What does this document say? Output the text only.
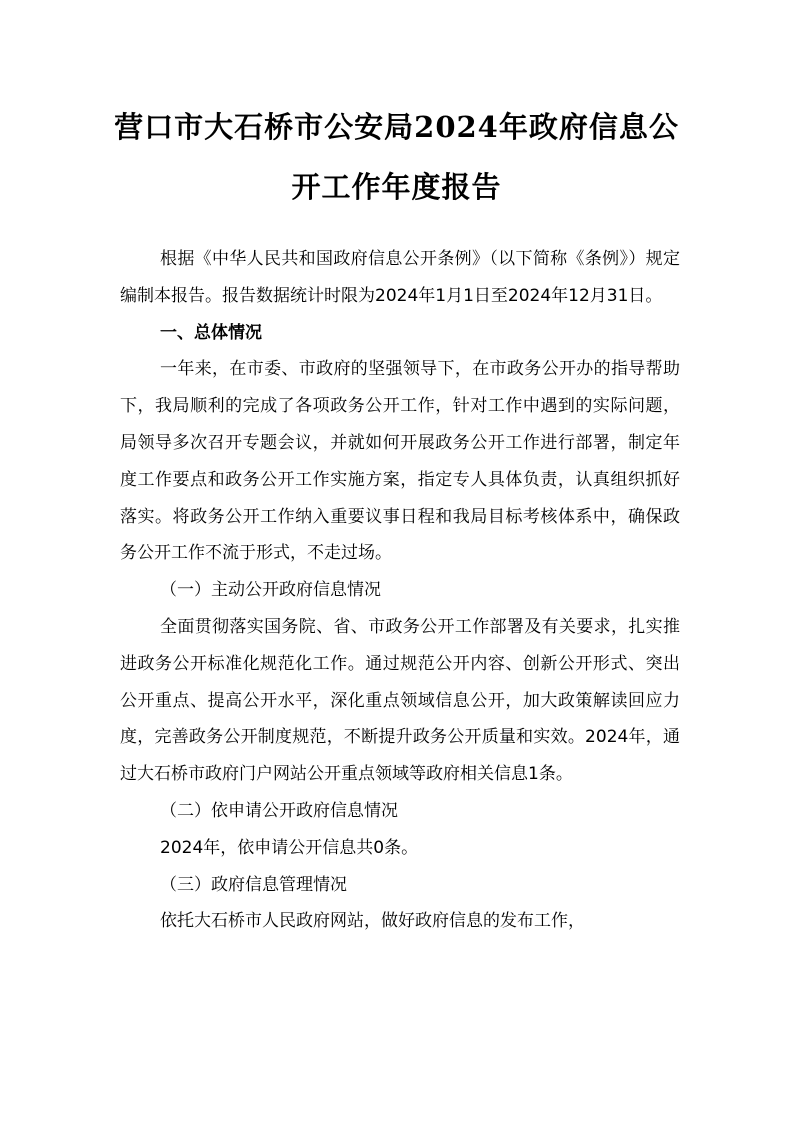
营口市大石桥市公安局2024年政府信息公
开工作年度报告

根据《中华人民共和国政府信息公开条例》（以下简称《条例》）规定编制本报告。报告数据统计时限为2024年1月1日至2024年12月31日。

一、总体情况

一年来，在市委、市政府的坚强领导下，在市政务公开办的指导帮助下，我局顺利的完成了各项政务公开工作，针对工作中遇到的实际问题，局领导多次召开专题会议，并就如何开展政务公开工作进行部署，制定年度工作要点和政务公开工作实施方案，指定专人具体负责，认真组织抓好落实。将政务公开工作纳入重要议事日程和我局目标考核体系中，确保政务公开工作不流于形式，不走过场。

（一）主动公开政府信息情况

全面贯彻落实国务院、省、市政务公开工作部署及有关要求，扎实推进政务公开标准化规范化工作。通过规范公开内容、创新公开形式、突出公开重点、提高公开水平，深化重点领域信息公开，加大政策解读回应力度，完善政务公开制度规范，不断提升政务公开质量和实效。2024年，通过大石桥市政府门户网站公开重点领域等政府相关信息1条。

（二）依申请公开政府信息情况

2024年，依申请公开信息共0条。

（三）政府信息管理情况

依托大石桥市人民政府网站，做好政府信息的发布工作，
